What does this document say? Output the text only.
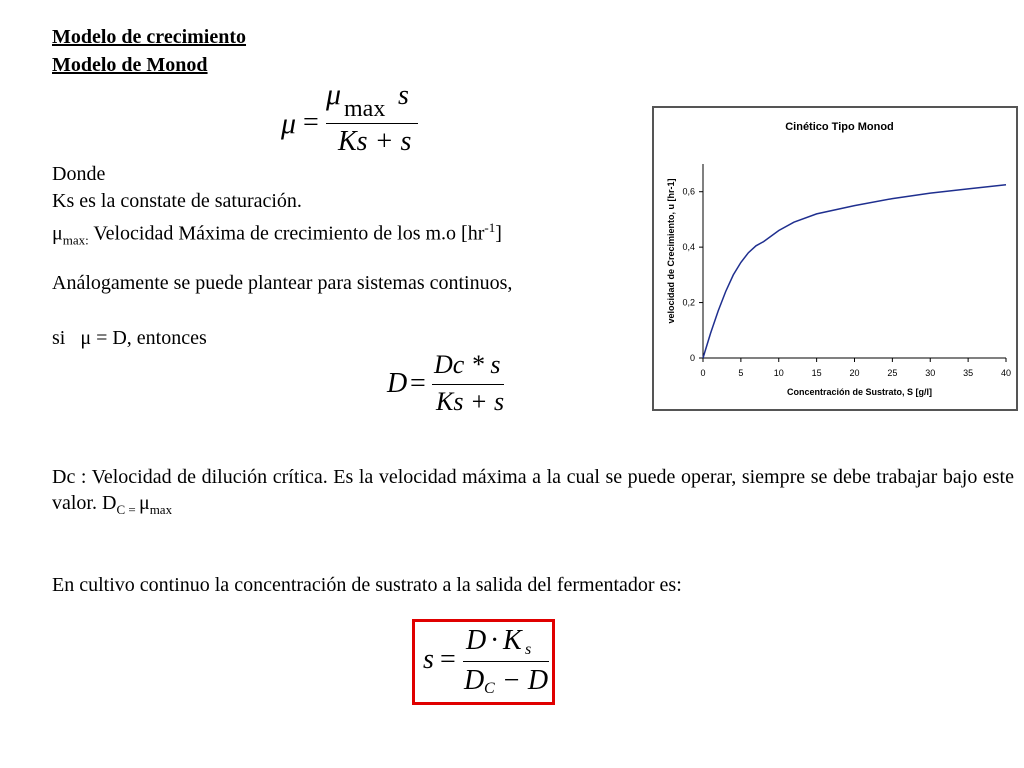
Modelo de crecimiento
Modelo de Monod
μ =
μ max s
Ks + s
Donde
Ks es la constate de saturación.
$\mu_{max:}$ Velocidad Máxima de crecimiento de los m.o $[hr^{-1}]$
Análogamente se puede plantear para sistemas continuos,
si   μ = D, entonces
D =
Dc * s
Ks + s
Cinético Tipo Monod
0	5	10	15	20	25	30	35	40
0
0,2
0,4
0,6
Concentración de Sustrato, S [g/l]
velocidad de Crecimiento, u [hr-1]
Dc : Velocidad de dilución crítica. Es la velocidad máxima a la cual se puede operar, siempre se debe trabajar bajo este valor. $D_{C =}$ $\mu_{max}$
En cultivo continuo la concentración de sustrato a la salida del fermentador es:
s =
D · K s
D C − D
